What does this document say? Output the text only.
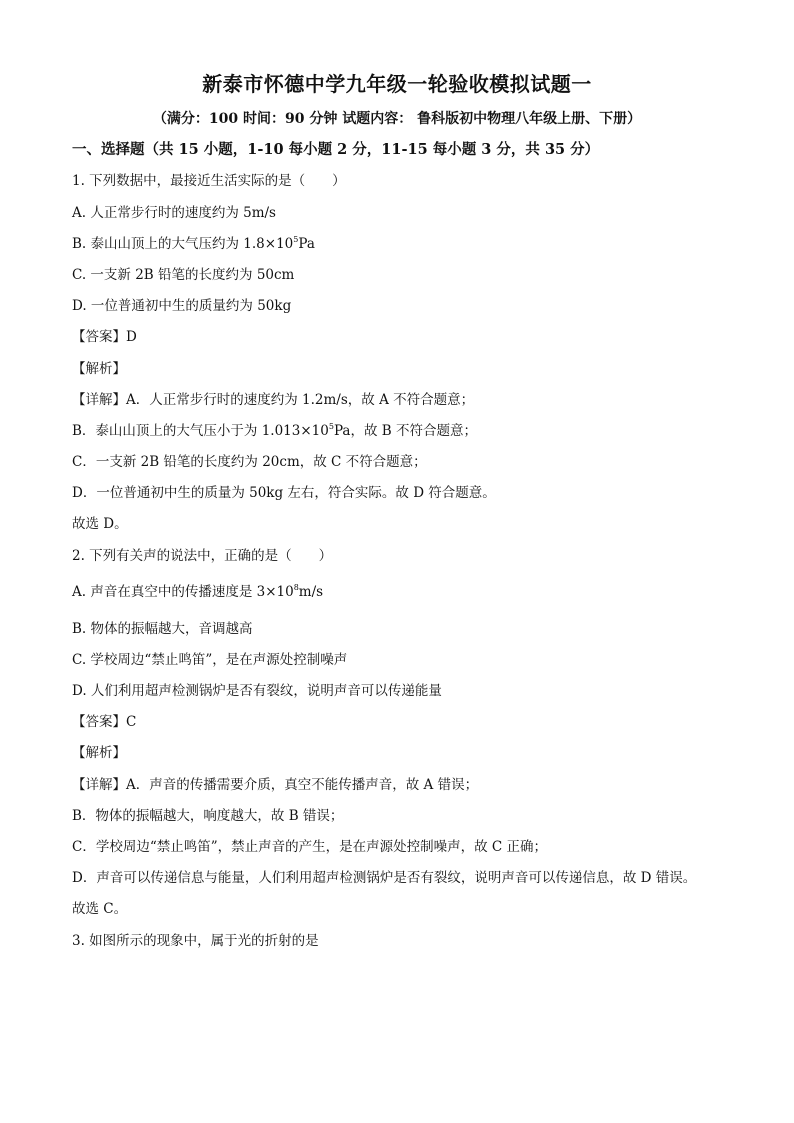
新泰市怀德中学九年级一轮验收模拟试题一
（满分：100 时间：90 分钟 试题内容： 鲁科版初中物理八年级上册、下册）
一、选择题（共 15 小题，1-10 每小题 2 分，11-15 每小题 3 分，共 35 分）
1. 下列数据中，最接近生活实际的是（　　）
A. 人正常步行时的速度约为 5m/s
B. 泰山山顶上的大气压约为 $1.8\times 10^5Pa$
C. 一支新 2B 铅笔的长度约为 50cm
D. 一位普通初中生的质量约为 50kg
【答案】D
【解析】
【详解】A．人正常步行时的速度约为 1.2m/s，故 A 不符合题意；
B．泰山山顶上的大气压小于为 $1.013\times 10^5Pa$，故 B 不符合题意；
C．一支新 2B 铅笔的长度约为 20cm，故 C 不符合题意；
D．一位普通初中生的质量为 50kg 左右，符合实际。故 D 符合题意。
故选 D。
2. 下列有关声的说法中，正确的是（　　）
A. 声音在真空中的传播速度是 $3\times 10^8m/s$
B. 物体的振幅越大，音调越高
C. 学校周边“禁止鸣笛”，是在声源处控制噪声
D. 人们利用超声检测锅炉是否有裂纹，说明声音可以传递能量
【答案】C
【解析】
【详解】A．声音的传播需要介质，真空不能传播声音，故 A 错误；
B．物体的振幅越大，响度越大，故 B 错误；
C．学校周边“禁止鸣笛”，禁止声音的产生，是在声源处控制噪声，故 C 正确；
D．声音可以传递信息与能量，人们利用超声检测锅炉是否有裂纹，说明声音可以传递信息，故 D 错误。
故选 C。
3. 如图所示的现象中，属于光的折射的是
